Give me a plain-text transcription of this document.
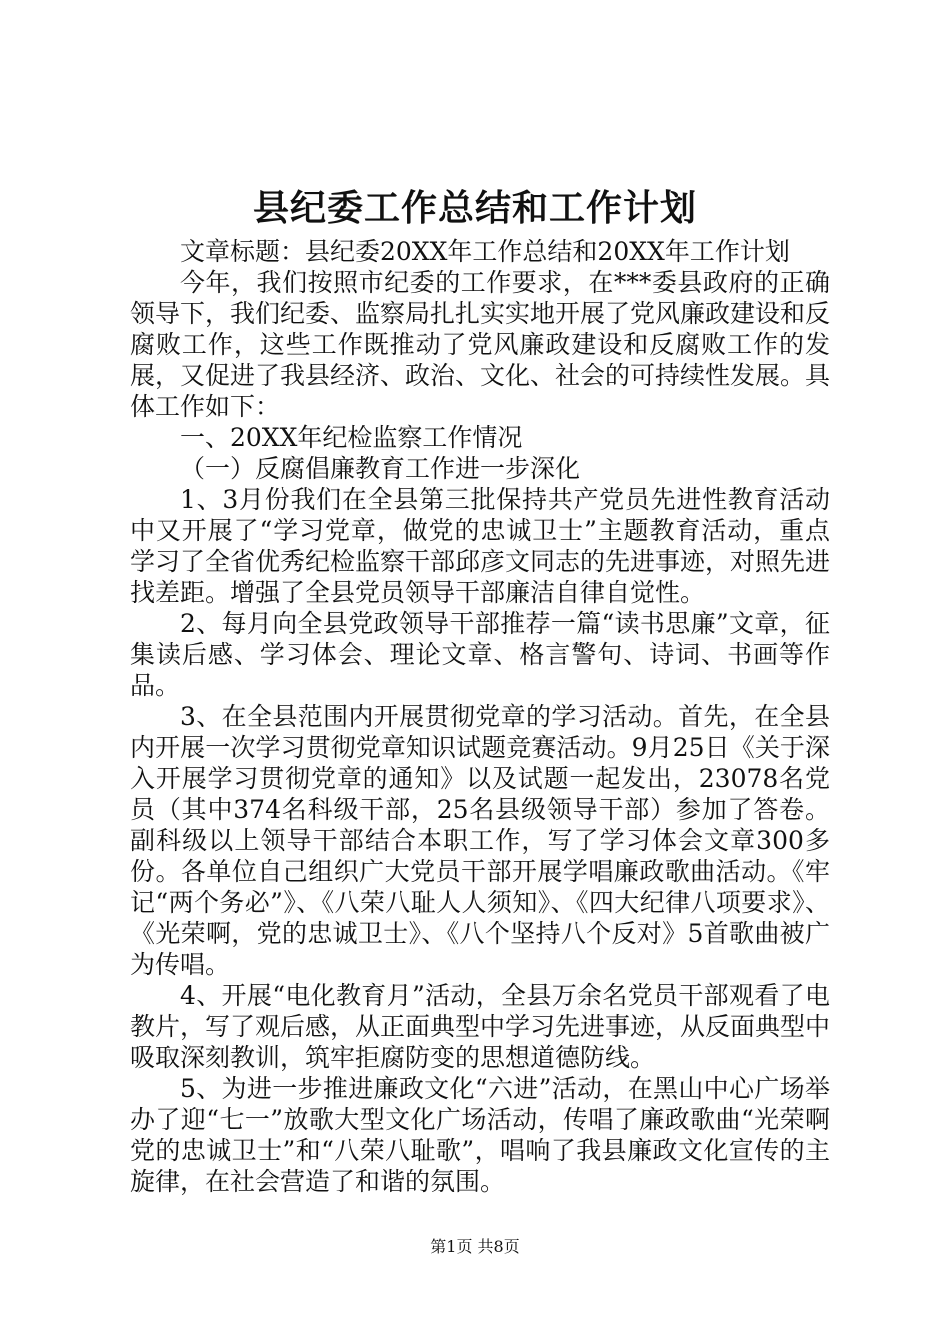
县纪委工作总结和工作计划

文章标题：县纪委20XX年工作总结和20XX年工作计划

今年，我们按照市纪委的工作要求，在***委县政府的正确领导下，我们纪委、监察局扎扎实实地开展了党风廉政建设和反腐败工作，这些工作既推动了党风廉政建设和反腐败工作的发展，又促进了我县经济、政治、文化、社会的可持续性发展。具体工作如下：

一、20XX年纪检监察工作情况

（一）反腐倡廉教育工作进一步深化

1、3月份我们在全县第三批保持共产党员先进性教育活动中又开展了“学习党章，做党的忠诚卫士”主题教育活动，重点学习了全省优秀纪检监察干部邱彦文同志的先进事迹，对照先进找差距。增强了全县党员领导干部廉洁自律自觉性。

2、每月向全县党政领导干部推荐一篇“读书思廉”文章，征集读后感、学习体会、理论文章、格言警句、诗词、书画等作品。

3、在全县范围内开展贯彻党章的学习活动。首先，在全县内开展一次学习贯彻党章知识试题竞赛活动。9月25日《关于深入开展学习贯彻党章的通知》以及试题一起发出，23078名党员（其中374名科级干部，25名县级领导干部）参加了答卷。副科级以上领导干部结合本职工作，写了学习体会文章300多份。各单位自己组织广大党员干部开展学唱廉政歌曲活动。《牢记“两个务必”》、《八荣八耻人人须知》、《四大纪律八项要求》、《光荣啊，党的忠诚卫士》、《八个坚持八个反对》5首歌曲被广为传唱。

4、开展“电化教育月”活动，全县万余名党员干部观看了电教片，写了观后感，从正面典型中学习先进事迹，从反面典型中吸取深刻教训，筑牢拒腐防变的思想道德防线。

5、为进一步推进廉政文化“六进”活动，在黑山中心广场举办了迎“七一”放歌大型文化广场活动，传唱了廉政歌曲“光荣啊党的忠诚卫士”和“八荣八耻歌”，唱响了我县廉政文化宣传的主旋律，在社会营造了和谐的氛围。

第1页 共8页
